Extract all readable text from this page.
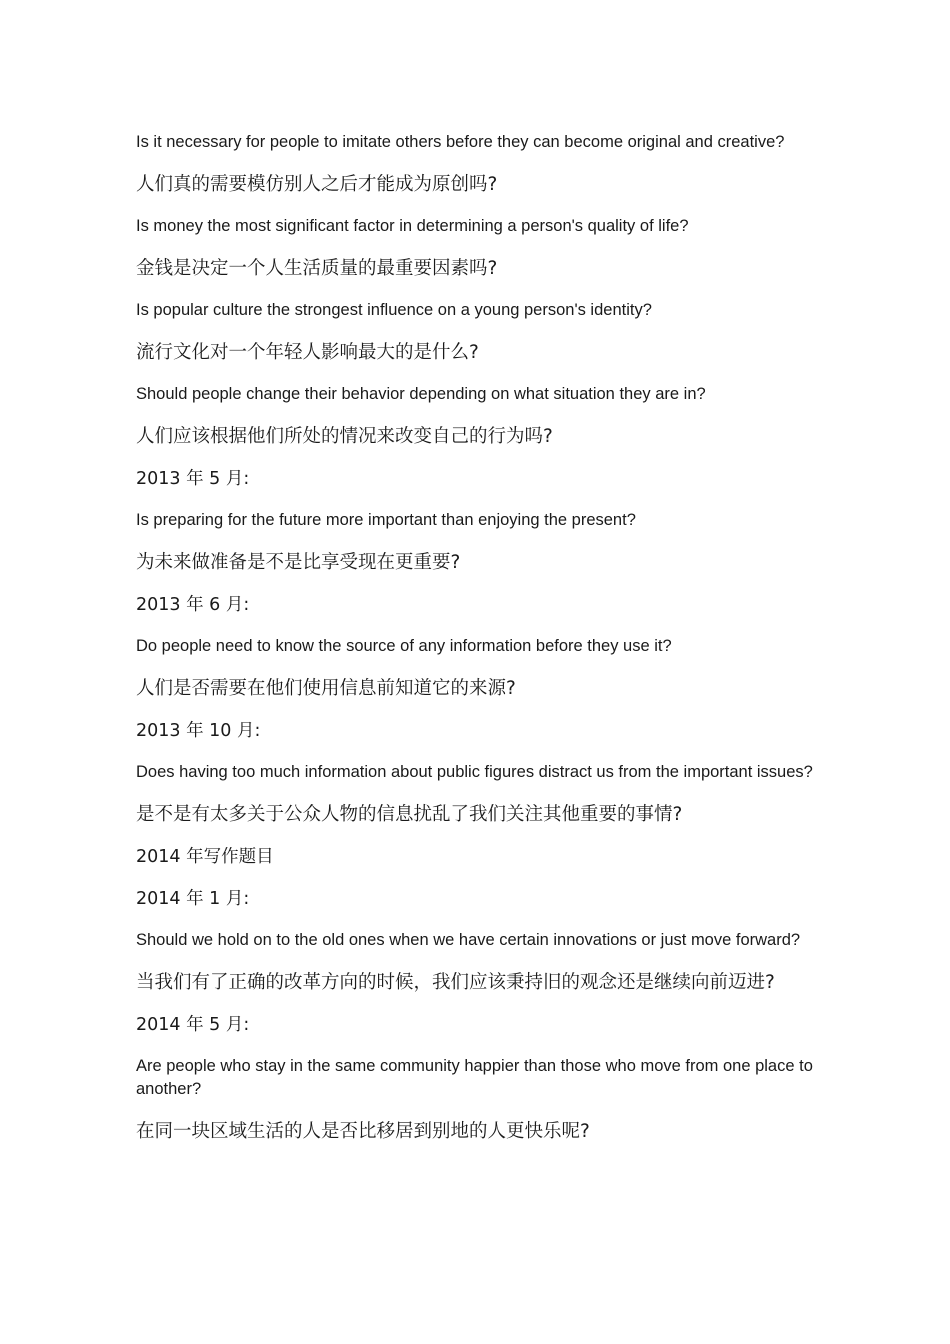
Is it necessary for people to imitate others before they can become original and creative?

人们真的需要模仿别人之后才能成为原创吗?

Is money the most significant factor in determining a person's quality of life?

金钱是决定一个人生活质量的最重要因素吗?

Is popular culture the strongest influence on a young person's identity?

流行文化对一个年轻人影响最大的是什么?

Should people change their behavior depending on what situation they are in?

人们应该根据他们所处的情况来改变自己的行为吗?

2013 年 5 月:

Is preparing for the future more important than enjoying the present?

为未来做准备是不是比享受现在更重要?

2013 年 6 月:

Do people need to know the source of any information before they use it?

人们是否需要在他们使用信息前知道它的来源?

2013 年 10 月:

Does having too much information about public figures distract us from the important issues?

是不是有太多关于公众人物的信息扰乱了我们关注其他重要的事情?

2014 年写作题目

2014 年 1 月:

Should we hold on to the old ones when we have certain innovations or just move forward?

当我们有了正确的改革方向的时候，我们应该秉持旧的观念还是继续向前迈进?

2014 年 5 月:

Are people who stay in the same community happier than those who move from one place to another?

在同一块区域生活的人是否比移居到别地的人更快乐呢?
